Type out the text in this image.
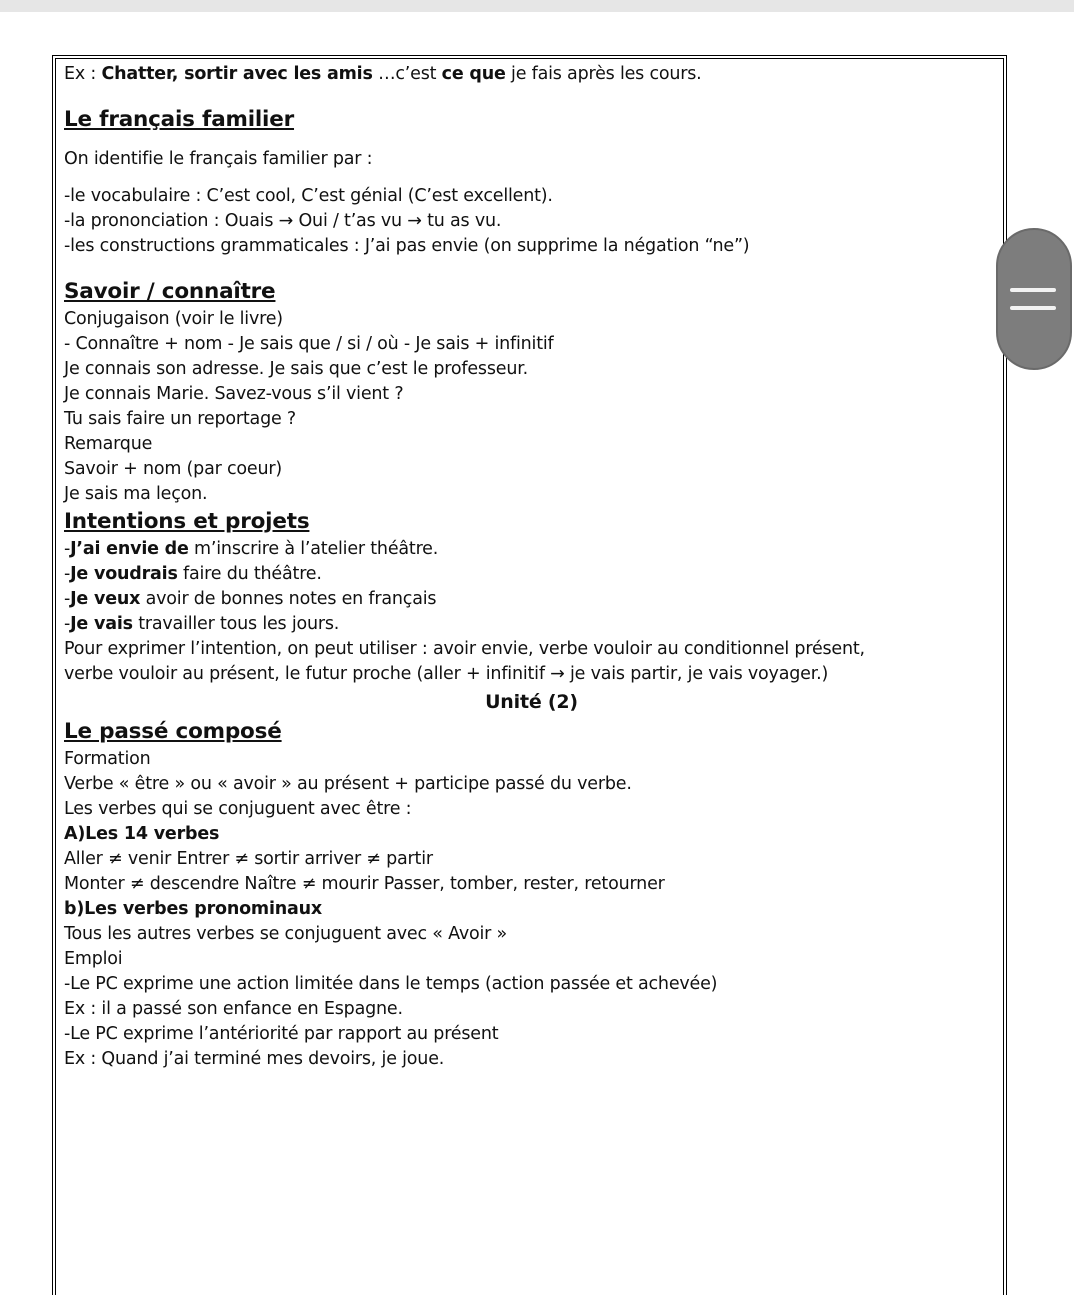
Ex : Chatter, sortir avec les amis …c’est ce que je fais après les cours.
Le français familier
On identifie le français familier par :
-le vocabulaire : C’est cool, C’est génial (C’est excellent).
-la prononciation : Ouais → Oui / t’as vu → tu as vu.
-les constructions grammaticales : J’ai pas envie (on supprime la négation “ne”)
Savoir / connaître
Conjugaison (voir le livre)
- Connaître + nom - Je sais que / si / où - Je sais + infinitif
Je connais son adresse. Je sais que c’est le professeur.
Je connais Marie. Savez-vous s’il vient ?
Tu sais faire un reportage ?
Remarque
Savoir + nom (par coeur)
Je sais ma leçon.
Intentions et projets
-J’ai envie de m’inscrire à l’atelier théâtre.
-Je voudrais faire du théâtre.
-Je veux avoir de bonnes notes en français
-Je vais travailler tous les jours.
Pour exprimer l’intention, on peut utiliser : avoir envie, verbe vouloir au conditionnel présent,
verbe vouloir au présent, le futur proche (aller + infinitif → je vais partir, je vais voyager.)
Unité (2)
Le passé composé
Formation
Verbe « être » ou « avoir » au présent + participe passé du verbe.
Les verbes qui se conjuguent avec être :
A)Les 14 verbes
Aller ≠ venir Entrer ≠ sortir arriver ≠ partir
Monter ≠ descendre Naître ≠ mourir Passer, tomber, rester, retourner
b)Les verbes pronominaux
Tous les autres verbes se conjuguent avec « Avoir »
Emploi
-Le PC exprime une action limitée dans le temps (action passée et achevée)
Ex : il a passé son enfance en Espagne.
-Le PC exprime l’antériorité par rapport au présent
Ex : Quand j’ai terminé mes devoirs, je joue.
